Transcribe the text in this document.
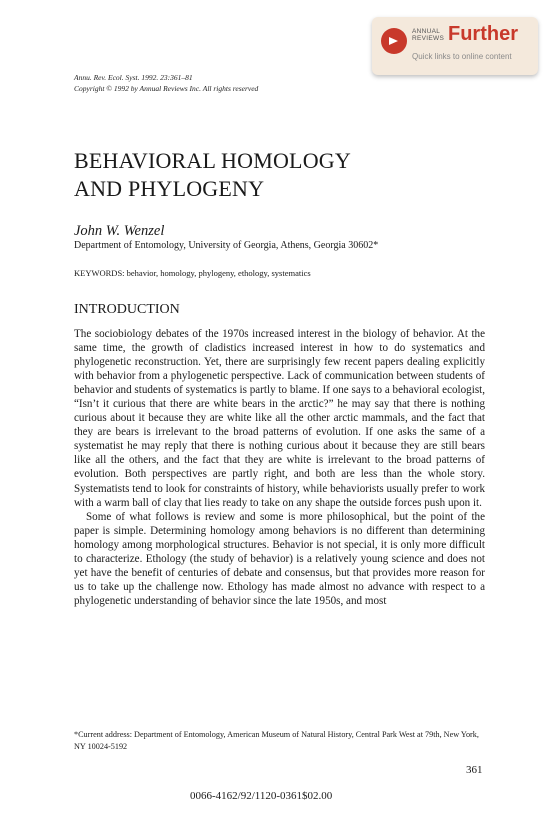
ANNUAL REVIEWS Further
Quick links to online content
Annu. Rev. Ecol. Syst. 1992. 23:361–81
Copyright © 1992 by Annual Reviews Inc. All rights reserved
BEHAVIORAL HOMOLOGY
AND PHYLOGENY
John W. Wenzel
Department of Entomology, University of Georgia, Athens, Georgia 30602*
KEYWORDS: behavior, homology, phylogeny, ethology, systematics
INTRODUCTION

The sociobiology debates of the 1970s increased interest in the biology of behavior. At the same time, the growth of cladistics increased interest in how to do systematics and phylogenetic reconstruction. Yet, there are surprisingly few recent papers dealing explicitly with behavior from a phylogenetic perspective. Lack of communication between students of behavior and students of systematics is partly to blame. If one says to a behavioral ecologist, “Isn’t it curious that there are white bears in the arctic?” he may say that there is nothing curious about it because they are white like all the other arctic mammals, and the fact that they are bears is irrelevant to the broad patterns of evolution. If one asks the same of a systematist he may reply that there is nothing curious about it because they are still bears like all the others, and the fact that they are white is irrelevant to the broad patterns of evolution. Both perspectives are partly right, and both are less than the whole story. Systematists tend to look for constraints of history, while behaviorists usually prefer to work with a warm ball of clay that lies ready to take on any shape the outside forces push upon it.

Some of what follows is review and some is more philosophical, but the point of the paper is simple. Determining homology among behaviors is no different than determining homology among morphological structures. Behavior is not special, it is only more difficult to characterize. Ethology (the study of behavior) is a relatively young science and does not yet have the benefit of centuries of debate and consensus, but that provides more reason for us to take up the challenge now. Ethology has made almost no advance with respect to a phylogenetic understanding of behavior since the late 1950s, and most

*Current address: Department of Entomology, American Museum of Natural History, Central Park West at 79th, New York, NY 10024-5192
361
0066-4162/92/1120-0361$02.00
